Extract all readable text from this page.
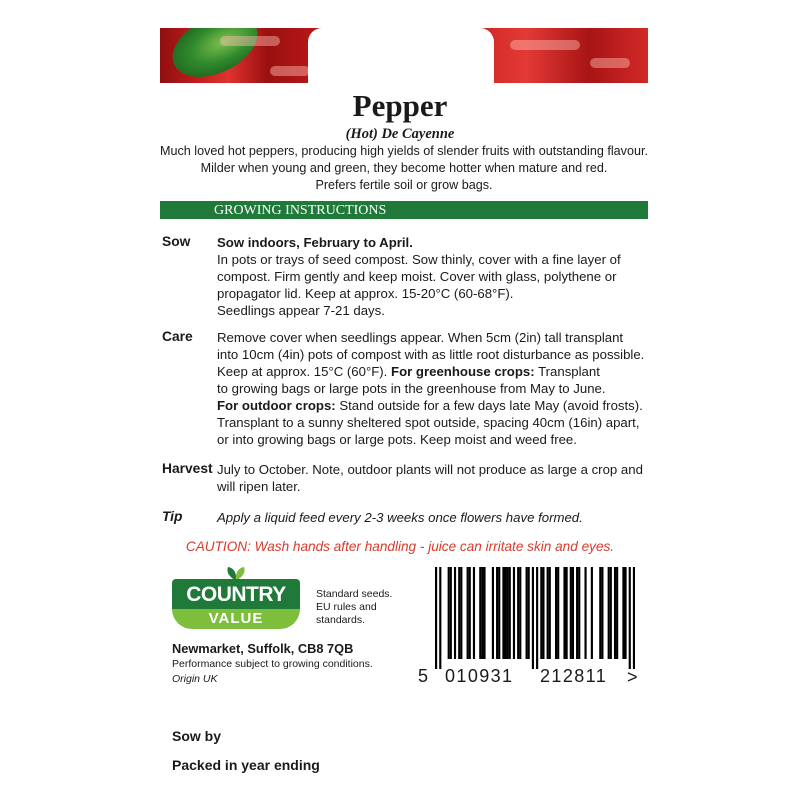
Pepper
(Hot) De Cayenne
Much loved hot peppers, producing high yields of slender fruits with outstanding flavour.
Milder when young and green, they become hotter when mature and red.
Prefers fertile soil or grow bags.
GROWING INSTRUCTIONS
Sow Sow indoors, February to April.
In pots or trays of seed compost. Sow thinly, cover with a fine layer of
compost. Firm gently and keep moist. Cover with glass, polythene or
propagator lid. Keep at approx. 15-20°C (60-68°F).
Seedlings appear 7-21 days.
Care Remove cover when seedlings appear. When 5cm (2in) tall transplant
into 10cm (4in) pots of compost with as little root disturbance as possible.
Keep at approx. 15°C (60°F). For greenhouse crops: Transplant
to growing bags or large pots in the greenhouse from May to June.
For outdoor crops: Stand outside for a few days late May (avoid frosts).
Transplant to a sunny sheltered spot outside, spacing 40cm (16in) apart,
or into growing bags or large pots. Keep moist and weed free.
Harvest July to October. Note, outdoor plants will not produce as large a crop and
will ripen later.
Tip	Apply a liquid feed every 2-3 weeks once flowers have formed.
CAUTION: Wash hands after handling - juice can irritate skin and eyes.
COUNTRY
VALUE
Standard seeds.
EU rules and
standards.
Newmarket, Suffolk, CB8 7QB
Performance subject to growing conditions.
Origin UK	5 010931 212811 >
Sow by
Packed in year ending
